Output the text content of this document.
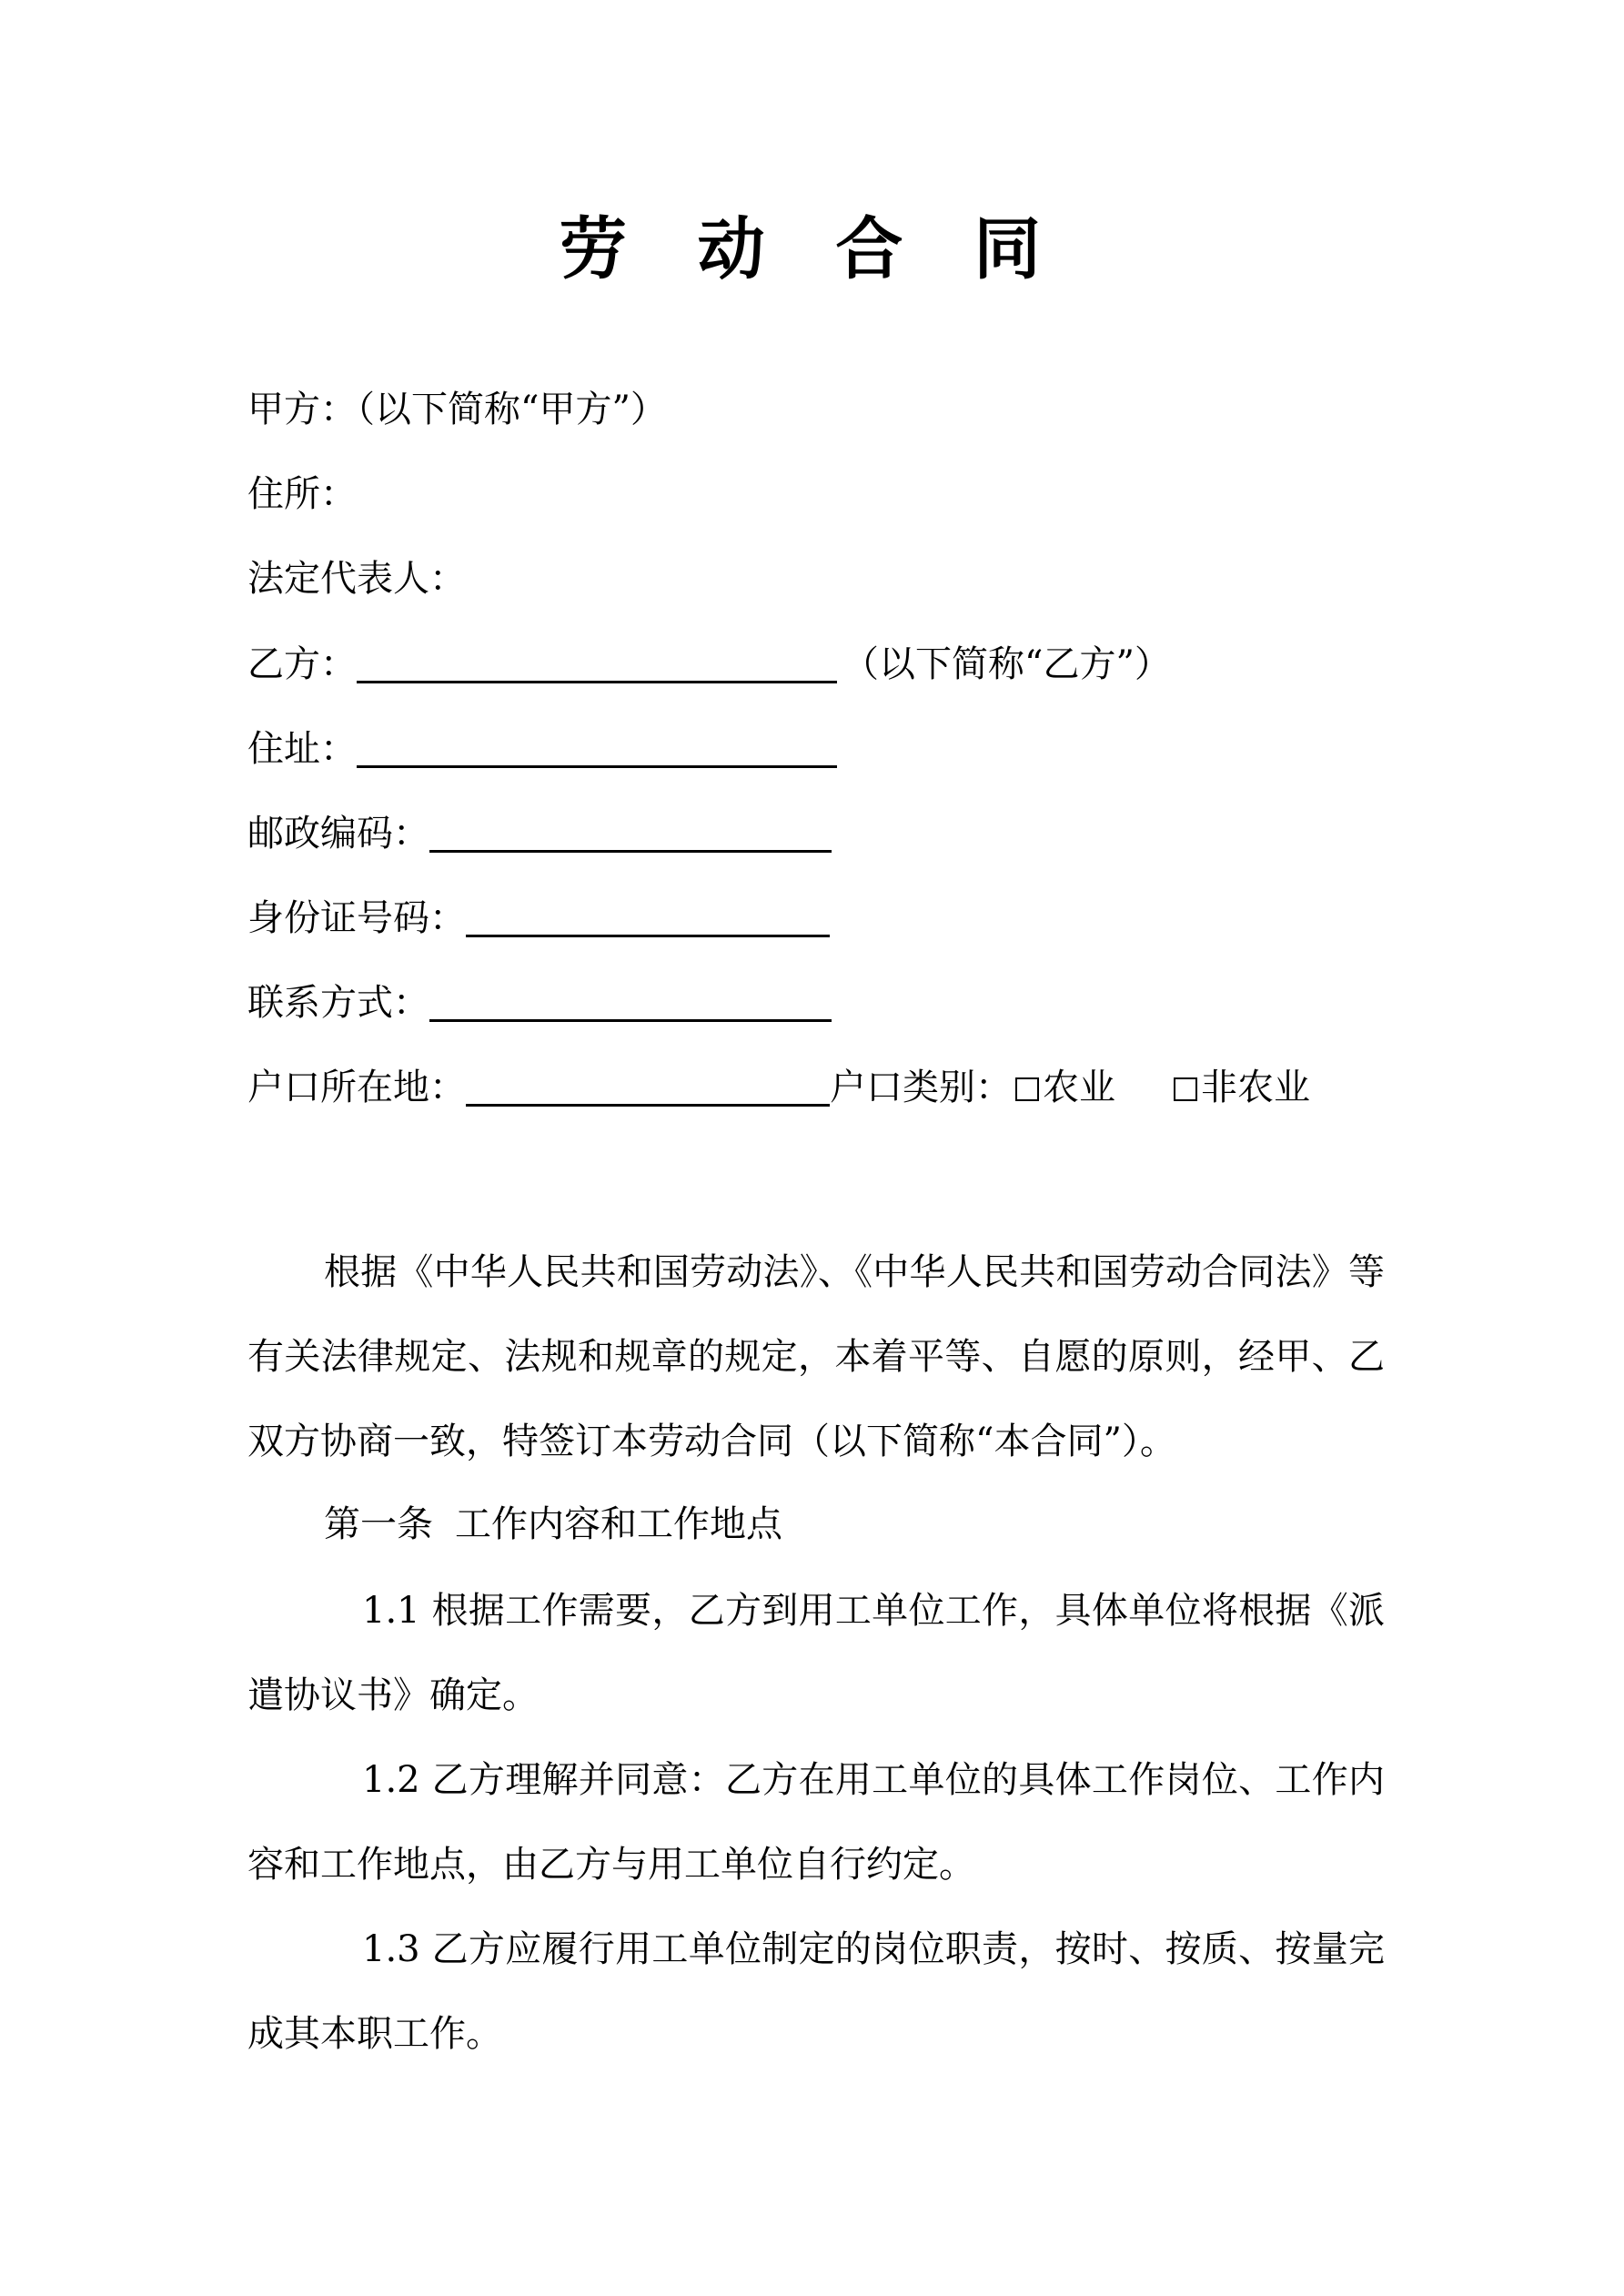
劳 动 合 同
甲方：（以下简称“甲方”）
住所：
法定代表人：
乙方：	（以下简称“乙方”）
住址：
邮政编码：
身份证号码：
联系方式：
户口所在地：	户口类别： 农业 非农业
根据《中华人民共和国劳动法》、《中华人民共和国劳动合同法》等有关法律规定、法规和规章的规定，本着平等、自愿的原则，经甲、乙双方协商一致，特签订本劳动合同（以下简称“本合同”）。
第一条 工作内容和工作地点
1.1 根据工作需要，乙方到用工单位工作，具体单位将根据《派遣协议书》确定。
1.2 乙方理解并同意：乙方在用工单位的具体工作岗位、工作内容和工作地点，由乙方与用工单位自行约定。
1.3 乙方应履行用工单位制定的岗位职责，按时、按质、按量完成其本职工作。
